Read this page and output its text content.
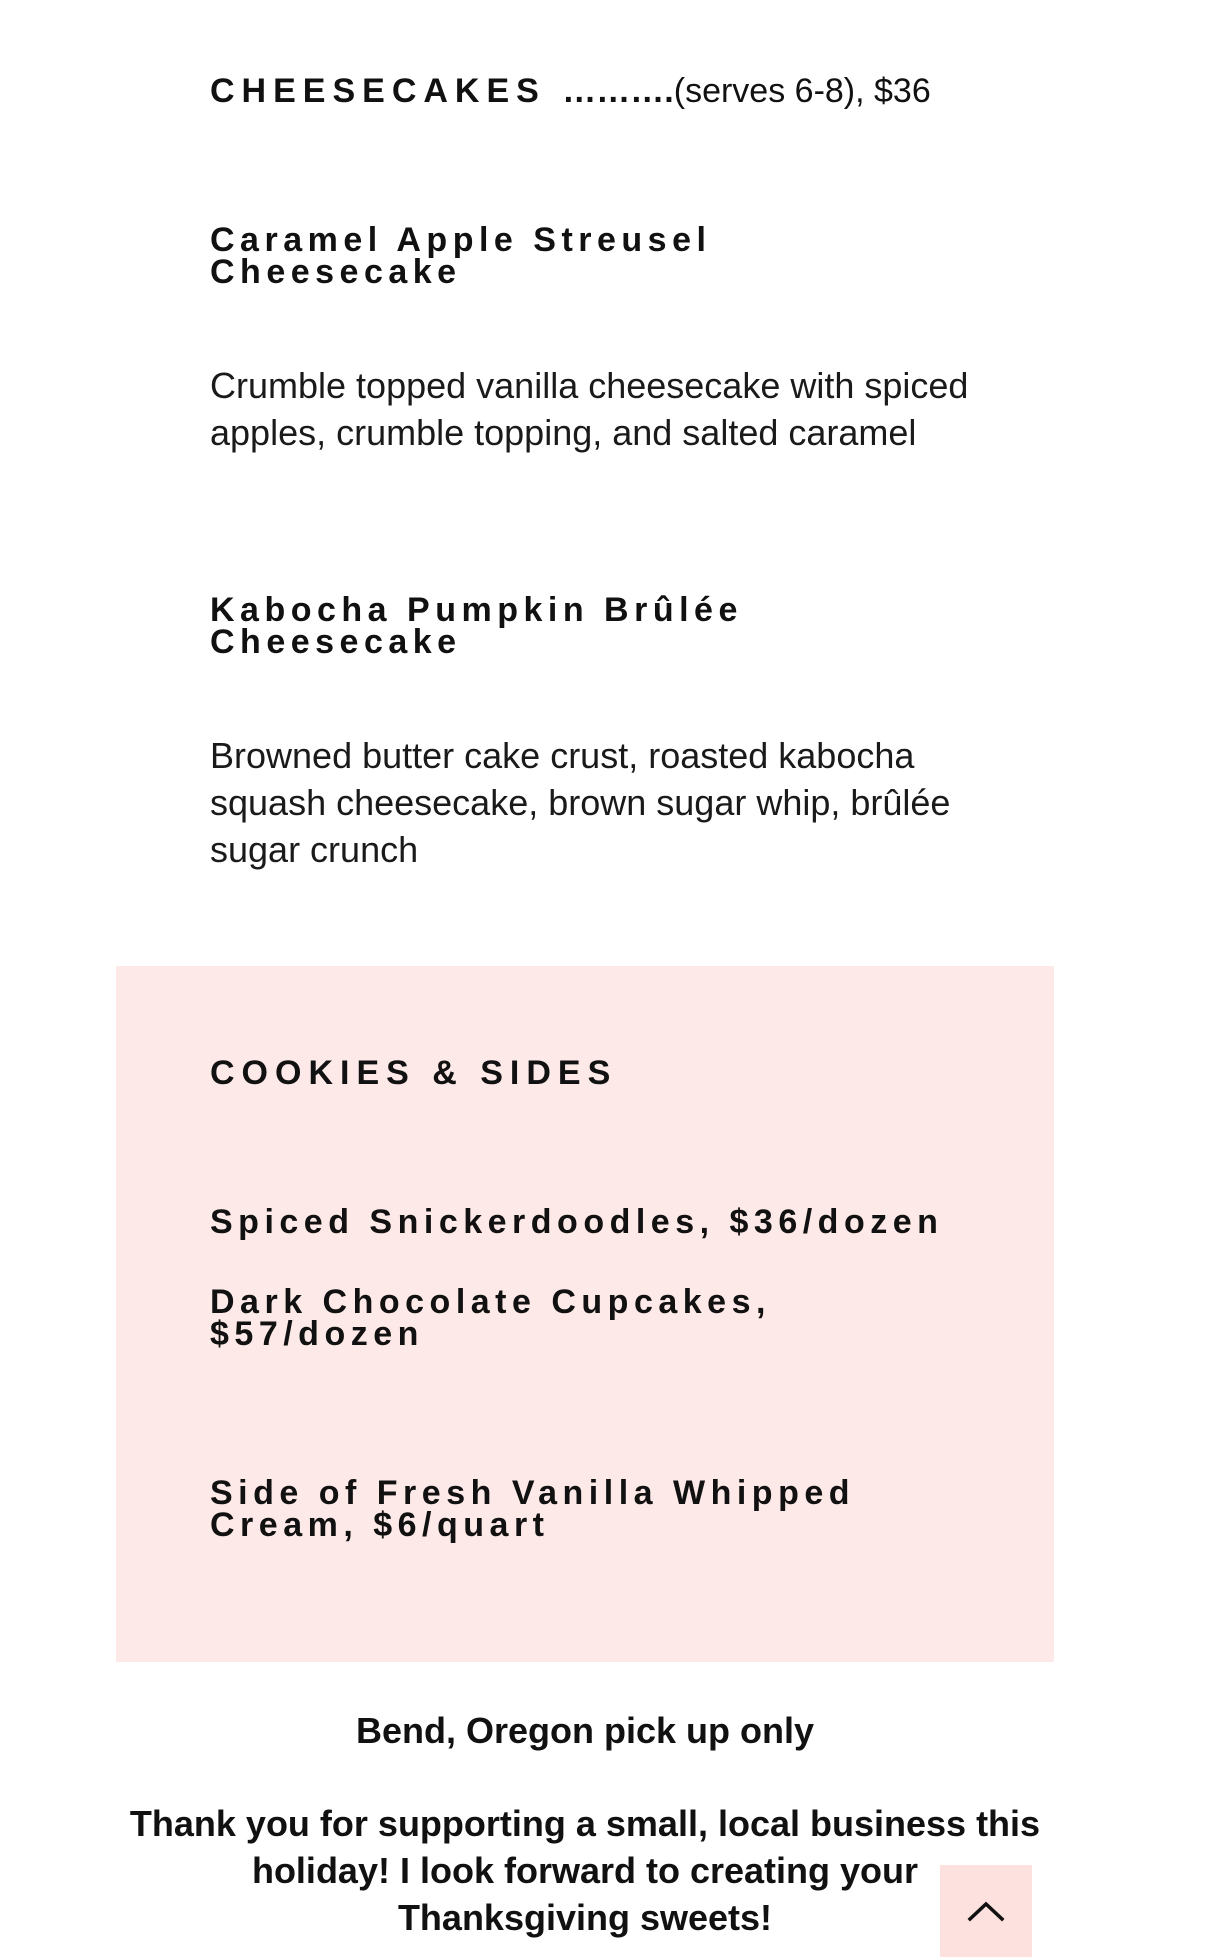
CHEESECAKES ……….(serves 6-8), $36
Caramel Apple Streusel Cheesecake
Crumble topped vanilla cheesecake with spiced apples, crumble topping, and salted caramel
Kabocha Pumpkin Brûlée Cheesecake
Browned butter cake crust, roasted kabocha squash cheesecake, brown sugar whip, brûlée sugar crunch
COOKIES & SIDES
Spiced Snickerdoodles, $36/dozen
Dark Chocolate Cupcakes, $57/dozen
Side of Fresh Vanilla Whipped Cream, $6/quart
Bend, Oregon pick up only
Thank you for supporting a small, local business this
holiday! I look forward to creating your
Thanksgiving sweets!
